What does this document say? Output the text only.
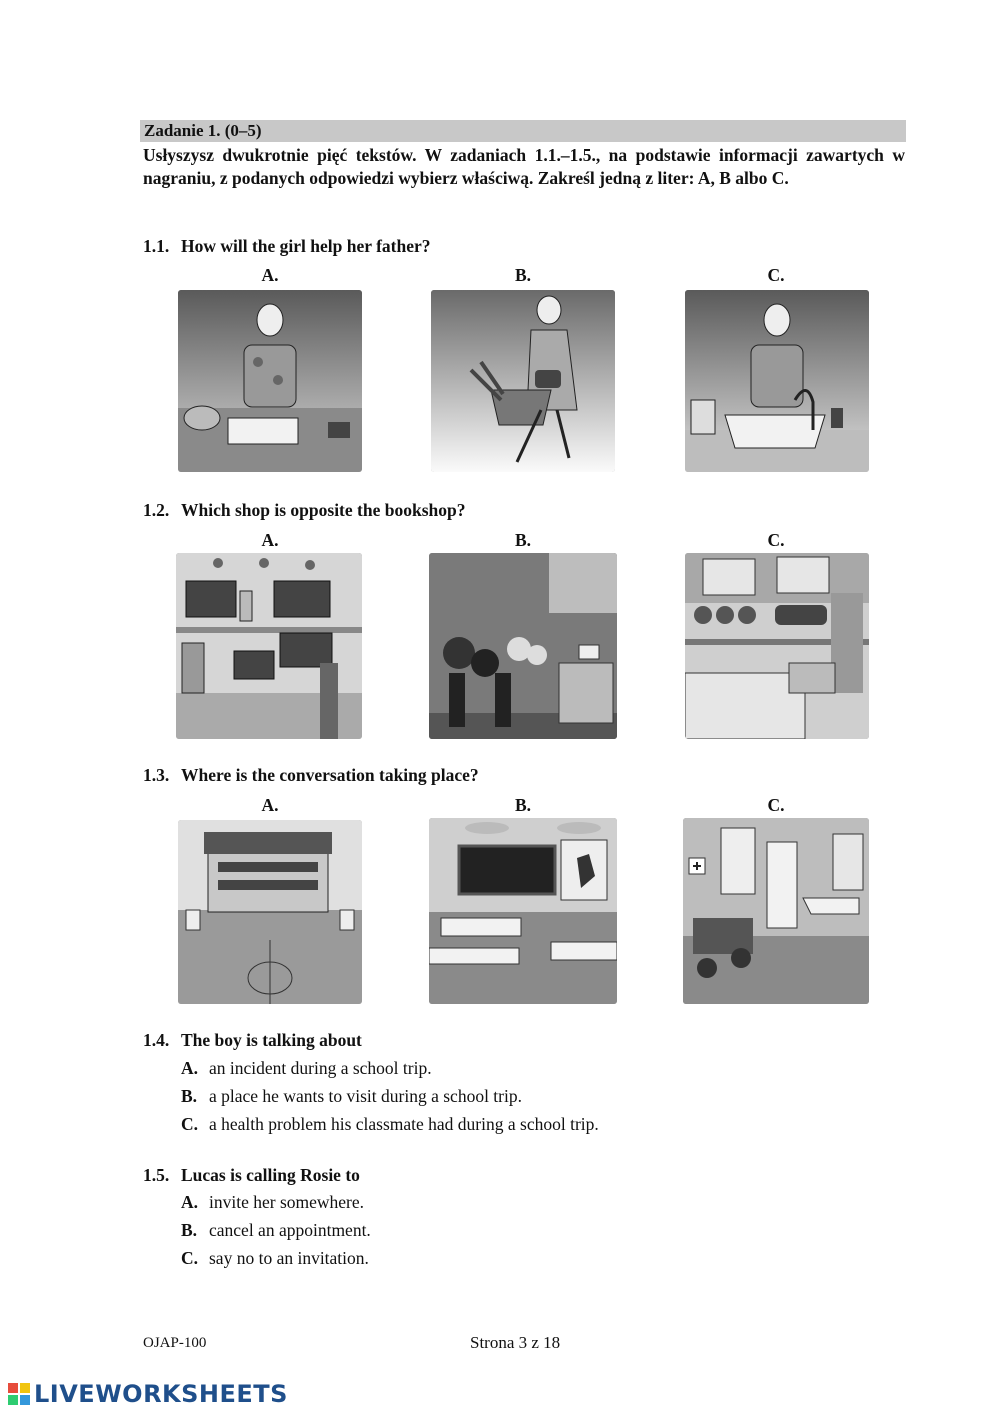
Zadanie 1. (0–5)
Usłyszysz dwukrotnie pięć tekstów. W zadaniach 1.1.–1.5., na podstawie informacji zawartych w nagraniu, z podanych odpowiedzi wybierz właściwą. Zakreśl jedną z liter: A, B albo C.
1.1. How will the girl help her father?
A.	B.	C.
1.2. Which shop is opposite the bookshop?
A.	B.	C.
1.3. Where is the conversation taking place?
A.	B.	C.
1.4. The boy is talking about
A. an incident during a school trip.
B. a place he wants to visit during a school trip.
C. a health problem his classmate had during a school trip.
1.5. Lucas is calling Rosie to
A. invite her somewhere.
B. cancel an appointment.
C. say no to an invitation.
OJAP-100	Strona 3 z 18
LIVEWORKSHEETS
